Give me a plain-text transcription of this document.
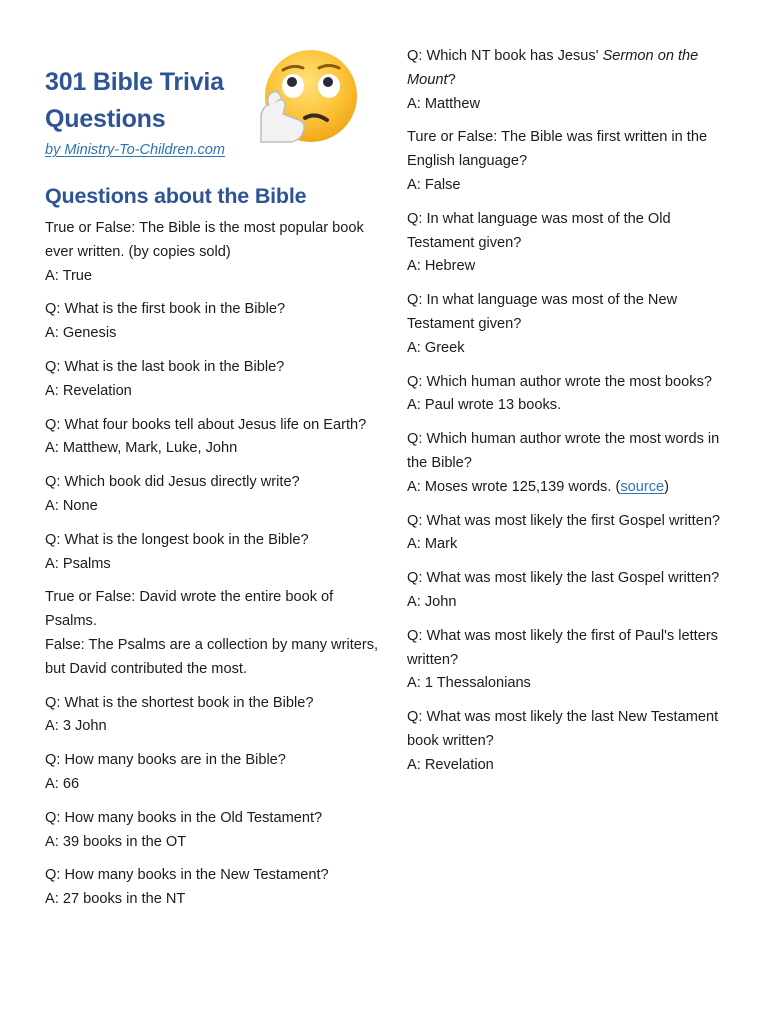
301 Bible Trivia
Questions
by Ministry-To-Children.com
Questions about the Bible

True or False: The Bible is the most popular book ever written. (by copies sold)

A: True

Q: What is the first book in the Bible?

A: Genesis

Q: What is the last book in the Bible?

A: Revelation

Q: What four books tell about Jesus life on Earth?

A: Matthew, Mark, Luke, John

Q: Which book did Jesus directly write?

A: None

Q: What is the longest book in the Bible?

A: Psalms

True or False: David wrote the entire book of Psalms.

False: The Psalms are a collection by many writers, but David contributed the most.

Q: What is the shortest book in the Bible?

A: 3 John

Q: How many books are in the Bible?

A: 66

Q: How many books in the Old Testament?

A: 39 books in the OT

Q: How many books in the New Testament?

A: 27 books in the NT

Q: Which NT book has Jesus' Sermon on the Mount?

A: Matthew

Ture or False: The Bible was first written in the English language?

A: False

Q: In what language was most of the Old Testament given?

A: Hebrew

Q: In what language was most of the New Testament given?

A: Greek

Q: Which human author wrote the most books?

A: Paul wrote 13 books.

Q: Which human author wrote the most words in the Bible?

A: Moses wrote 125,139 words. (source)

Q: What was most likely the first Gospel written?

A: Mark

Q: What was most likely the last Gospel written?

A: John

Q: What was most likely the first of Paul's letters written?

A: 1 Thessalonians

Q: What was most likely the last New Testament book written?

A: Revelation
